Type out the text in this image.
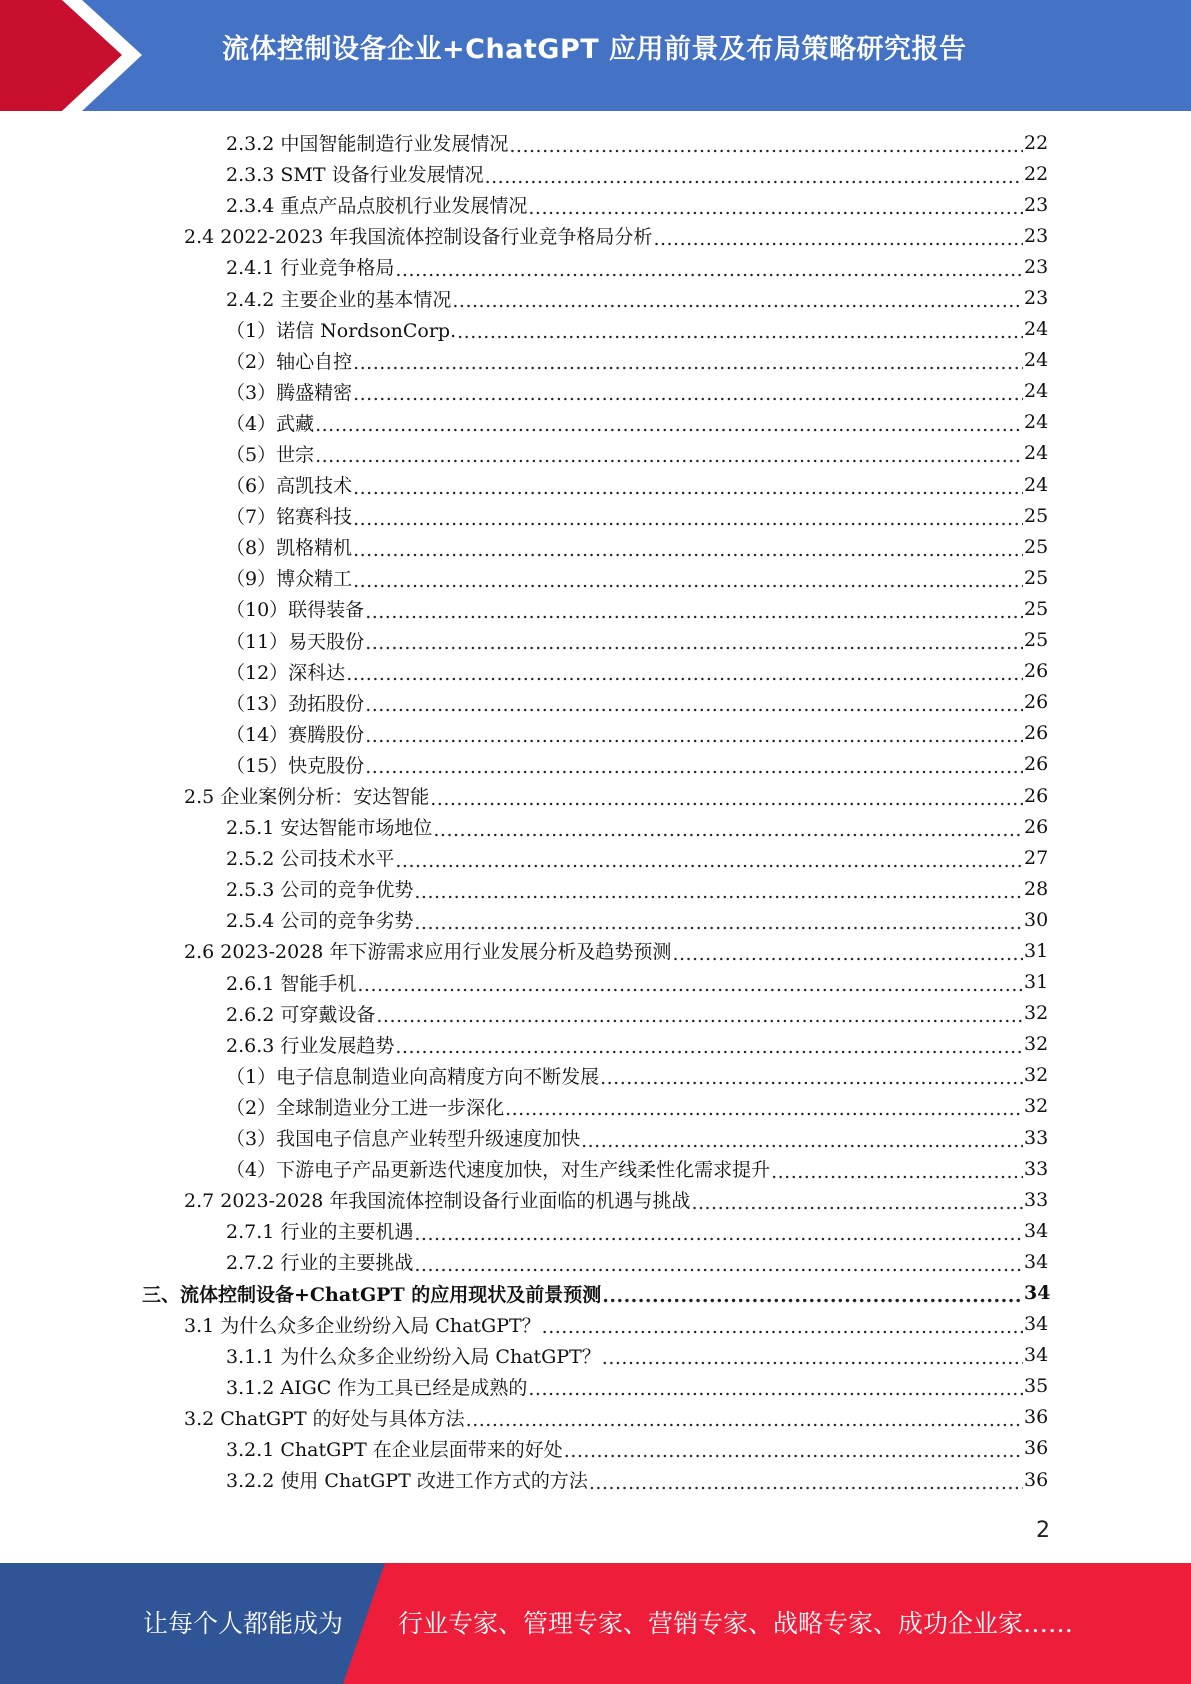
流体控制设备企业+ChatGPT 应用前景及布局策略研究报告
2.3.2 中国智能制造行业发展情况 .....	22
2.3.3 SMT 设备行业发展情况 .....	22
2.3.4 重点产品点胶机行业发展情况 .....	23
2.4 2022-2023 年我国流体控制设备行业竞争格局分析 .....	23
2.4.1 行业竞争格局 .....	23
2.4.2 主要企业的基本情况 .....	23
（1）诺信 NordsonCorp. .....	24
（2）轴心自控 .....	24
（3）腾盛精密 .....	24
（4）武藏 .....	24
（5）世宗 .....	24
（6）高凯技术 .....	24
（7）铭赛科技 .....	25
（8）凯格精机 .....	25
（9）博众精工 .....	25
（10）联得装备 .....	25
（11）易天股份 .....	25
（12）深科达 .....	26
（13）劲拓股份 .....	26
（14）赛腾股份 .....	26
（15）快克股份 .....	26
2.5 企业案例分析：安达智能 .....	26
2.5.1 安达智能市场地位 .....	26
2.5.2 公司技术水平 .....	27
2.5.3 公司的竞争优势 .....	28
2.5.4 公司的竞争劣势 .....	30
2.6 2023-2028 年下游需求应用行业发展分析及趋势预测 .....	31
2.6.1 智能手机 .....	31
2.6.2 可穿戴设备 .....	32
2.6.3 行业发展趋势 .....	32
（1）电子信息制造业向高精度方向不断发展 .....	32
（2）全球制造业分工进一步深化 .....	32
（3）我国电子信息产业转型升级速度加快 .....	33
（4）下游电子产品更新迭代速度加快，对生产线柔性化需求提升 .....	33
2.7 2023-2028 年我国流体控制设备行业面临的机遇与挑战 .....	33
2.7.1 行业的主要机遇 .....	34
2.7.2 行业的主要挑战 .....	34
三、流体控制设备+ChatGPT 的应用现状及前景预测 .....	34
3.1 为什么众多企业纷纷入局 ChatGPT？ .....	34
3.1.1 为什么众多企业纷纷入局 ChatGPT？ .....	34
3.1.2 AIGC 作为工具已经是成熟的 .....	35
3.2 ChatGPT 的好处与具体方法 .....	36
3.2.1 ChatGPT 在企业层面带来的好处 .....	36
3.2.2 使用 ChatGPT 改进工作方式的方法 .....	36
2
让每个人都能成为 行业专家、管理专家、营销专家、战略专家、成功企业家……
